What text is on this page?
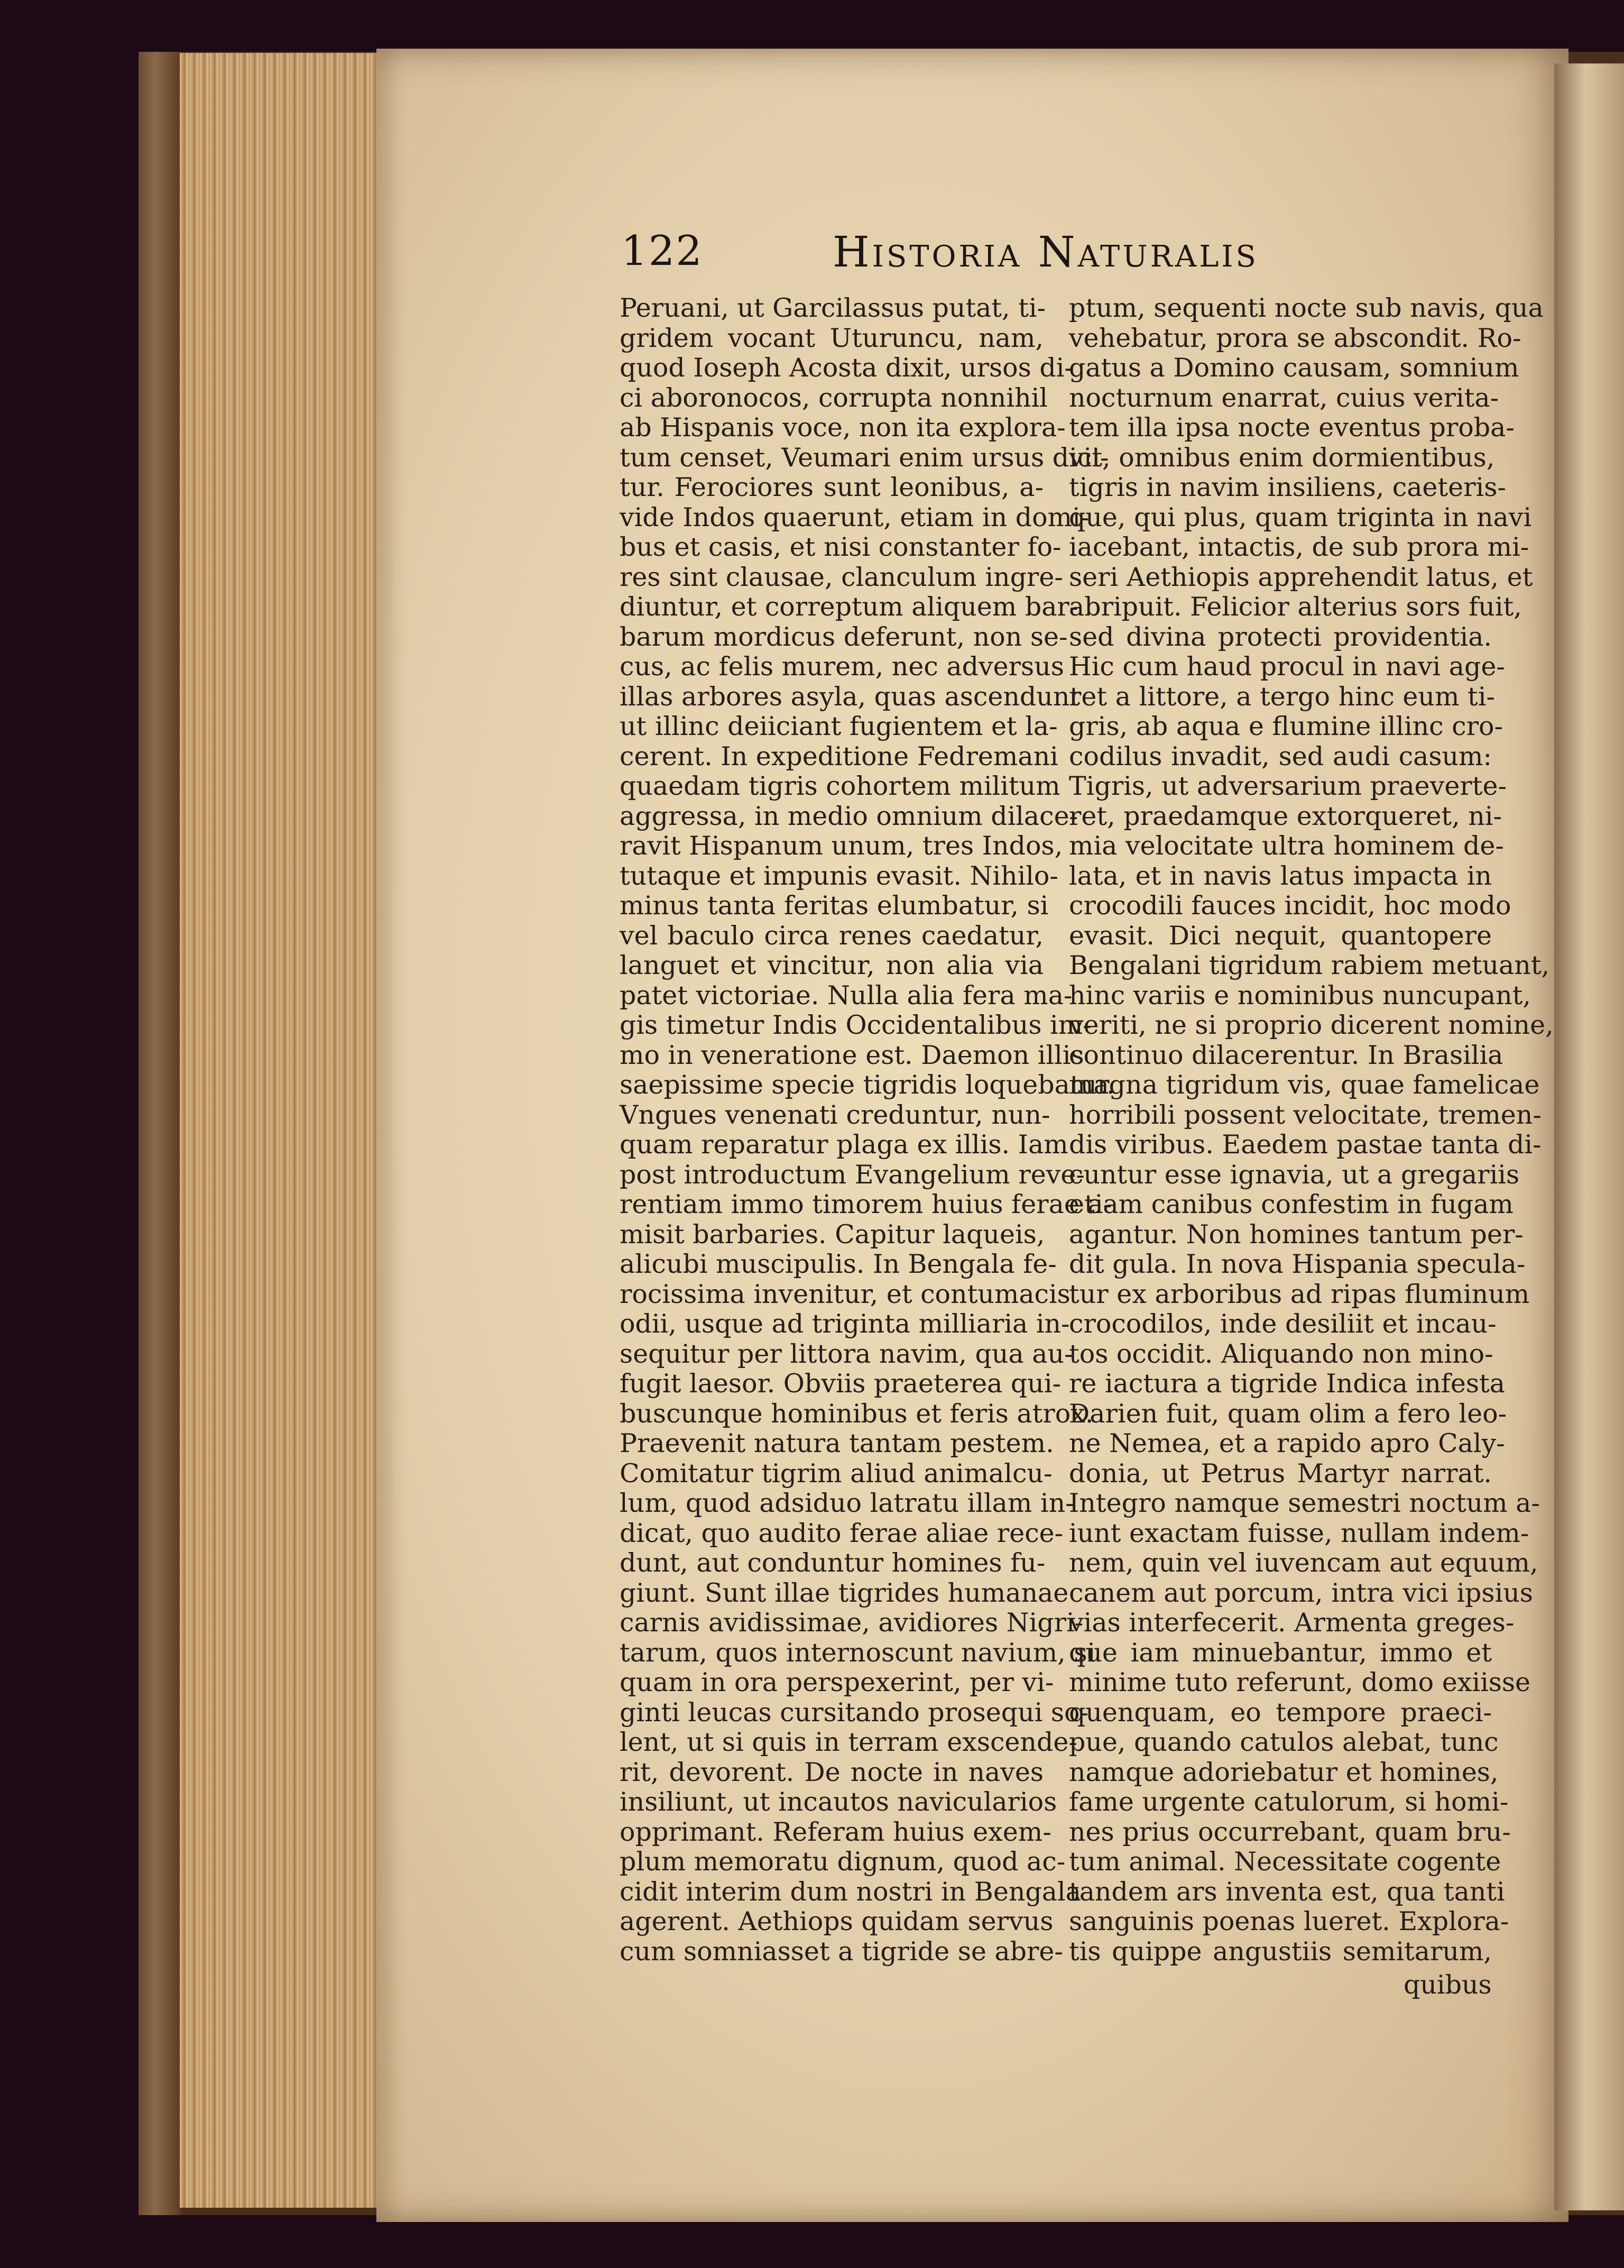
122	Historia Naturalis
Peruani, ut Garcilassus putat, ti-
gridem vocant Uturuncu, nam,
quod Ioseph Acosta dixit, ursos di-
ci aboronocos, corrupta nonnihil
ab Hispanis voce, non ita explora-
tum censet, Veumari enim ursus dici-
tur. Ferociores sunt leonibus, a-
vide Indos quaerunt, etiam in domi-
bus et casis, et nisi constanter fo-
res sint clausae, clanculum ingre-
diuntur, et correptum aliquem bar-
barum mordicus deferunt, non se-
cus, ac felis murem, nec adversus
illas arbores asyla, quas ascendunt
ut illinc deiiciant fugientem et la-
cerent. In expeditione Fedremani
quaedam tigris cohortem militum
aggressa, in medio omnium dilace-
ravit Hispanum unum, tres Indos,
tutaque et impunis evasit. Nihilo-
minus tanta feritas elumbatur, si
vel baculo circa renes caedatur,
languet et vincitur, non alia via
patet victoriae. Nulla alia fera ma-
gis timetur Indis Occidentalibus im-
mo in veneratione est. Daemon illis
saepissime specie tigridis loquebatur.
Vngues venenati creduntur, nun-
quam reparatur plaga ex illis. Iam
post introductum Evangelium reve-
rentiam immo timorem huius ferae a-
misit barbaries. Capitur laqueis,
alicubi muscipulis. In Bengala fe-
rocissima invenitur, et contumacis
odii, usque ad triginta milliaria in-
sequitur per littora navim, qua au-
fugit laesor. Obviis praeterea qui-
buscunque hominibus et feris atrox.
Praevenit natura tantam pestem.
Comitatur tigrim aliud animalcu-
lum, quod adsiduo latratu illam in-
dicat, quo audito ferae aliae rece-
dunt, aut conduntur homines fu-
giunt. Sunt illae tigrides humanae
carnis avidissimae, avidiores Nigri-
tarum, quos internoscunt navium, si
quam in ora perspexerint, per vi-
ginti leucas cursitando prosequi so-
lent, ut si quis in terram exscende-
rit, devorent. De nocte in naves
insiliunt, ut incautos navicularios
opprimant. Referam huius exem-
plum memoratu dignum, quod ac-
cidit interim dum nostri in Bengala
agerent. Aethiops quidam servus
cum somniasset a tigride se abre-
ptum, sequenti nocte sub navis, qua
vehebatur, prora se abscondit. Ro-
gatus a Domino causam, somnium
nocturnum enarrat, cuius verita-
tem illa ipsa nocte eventus proba-
vit, omnibus enim dormientibus,
tigris in navim insiliens, caeteris-
que, qui plus, quam triginta in navi
iacebant, intactis, de sub prora mi-
seri Aethiopis apprehendit latus, et
abripuit. Felicior alterius sors fuit,
sed divina protecti providentia.
Hic cum haud procul in navi age-
ret a littore, a tergo hinc eum ti-
gris, ab aqua e flumine illinc cro-
codilus invadit, sed audi casum:
Tigris, ut adversarium praeverte-
ret, praedamque extorqueret, ni-
mia velocitate ultra hominem de-
lata, et in navis latus impacta in
crocodili fauces incidit, hoc modo
evasit. Dici nequit, quantopere
Bengalani tigridum rabiem metuant,
hinc variis e nominibus nuncupant,
veriti, ne si proprio dicerent nomine,
continuo dilacerentur. In Brasilia
magna tigridum vis, quae famelicae
horribili possent velocitate, tremen-
dis viribus. Eaedem pastae tanta di-
cuntur esse ignavia, ut a gregariis
etiam canibus confestim in fugam
agantur. Non homines tantum per-
dit gula. In nova Hispania specula-
tur ex arboribus ad ripas fluminum
crocodilos, inde desiliit et incau-
tos occidit. Aliquando non mino-
re iactura a tigride Indica infesta
Darien fuit, quam olim a fero leo-
ne Nemea, et a rapido apro Caly-
donia, ut Petrus Martyr narrat.
Integro namque semestri noctum a-
iunt exactam fuisse, nullam indem-
nem, quin vel iuvencam aut equum,
canem aut porcum, intra vici ipsius
vias interfecerit. Armenta greges-
que iam minuebantur, immo et
minime tuto referunt, domo exiisse
quenquam, eo tempore praeci-
pue, quando catulos alebat, tunc
namque adoriebatur et homines,
fame urgente catulorum, si homi-
nes prius occurrebant, quam bru-
tum animal. Necessitate cogente
tandem ars inventa est, qua tanti
sanguinis poenas lueret. Explora-
tis quippe angustiis semitarum,
quibus
